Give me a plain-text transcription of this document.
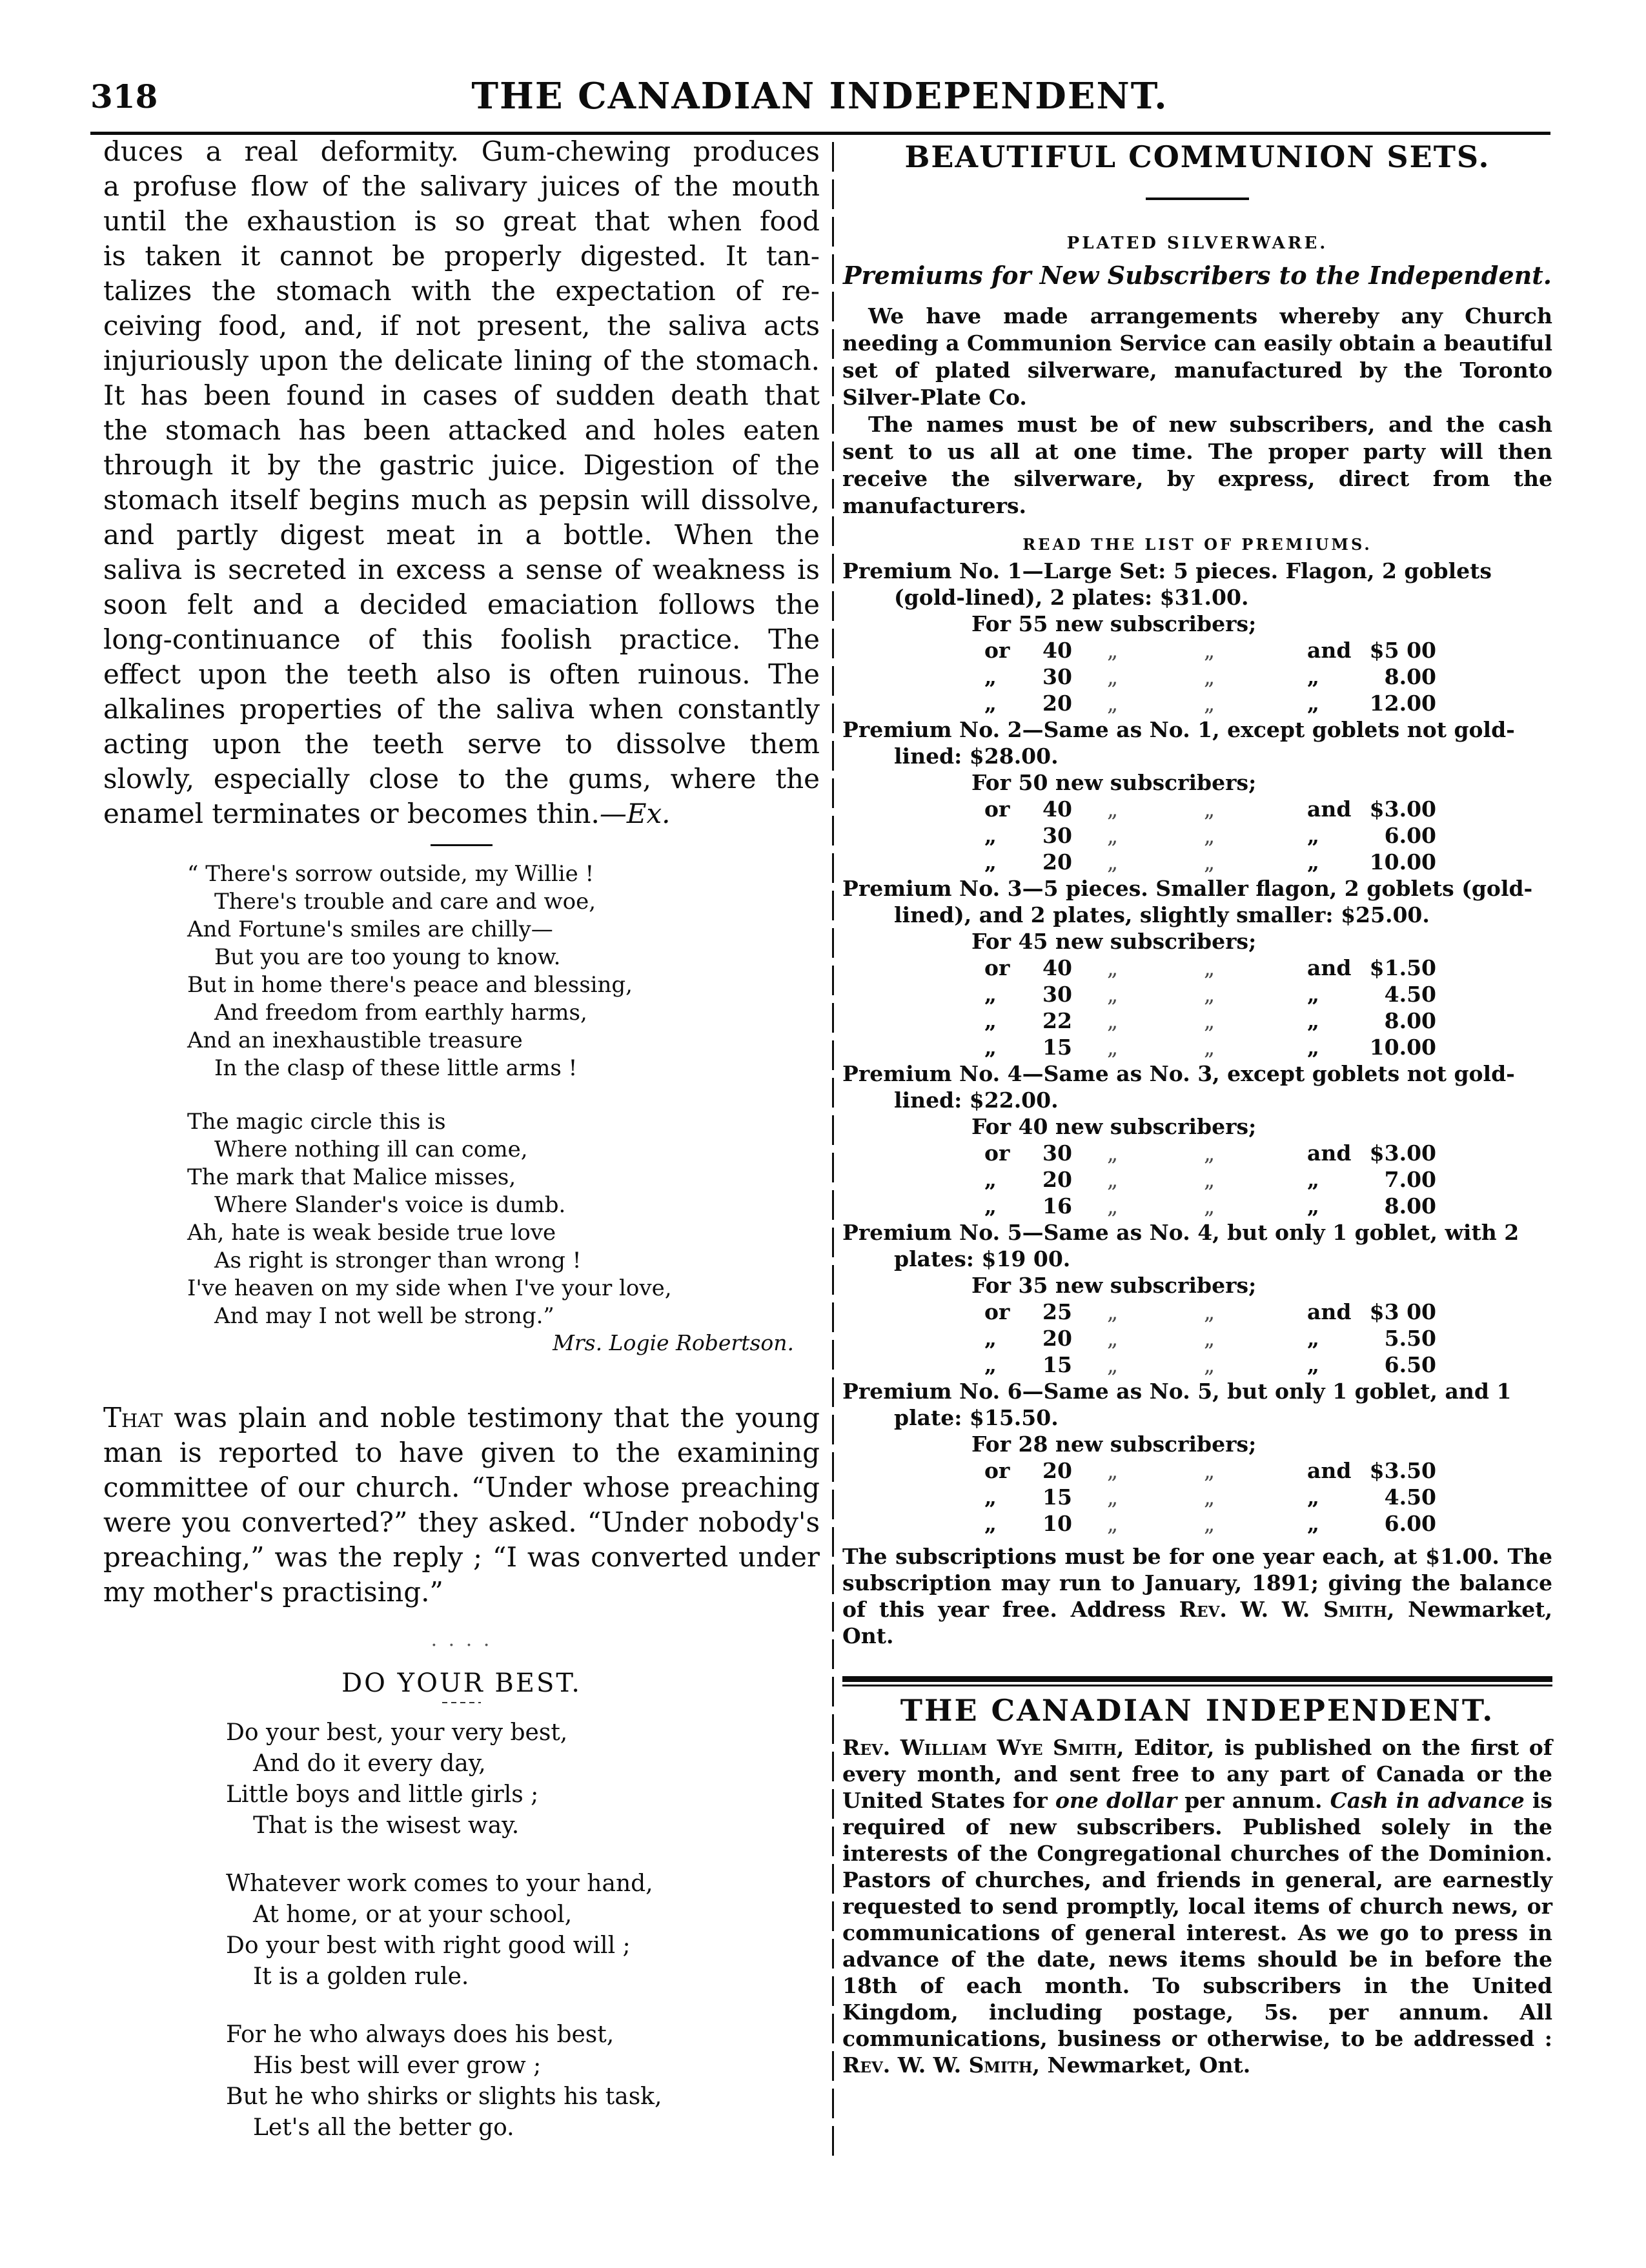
318	THE CANADIAN INDEPENDENT.
duces a real deformity. Gum-chewing produces
a profuse flow of the salivary juices of the mouth
until the exhaustion is so great that when food
is taken it cannot be properly digested. It tan-
talizes the stomach with the expectation of re-
ceiving food, and, if not present, the saliva acts
injuriously upon the delicate lining of the stomach.
It has been found in cases of sudden death that
the stomach has been attacked and holes eaten
through it by the gastric juice. Digestion of the
stomach itself begins much as pepsin will dissolve,
and partly digest meat in a bottle. When the
saliva is secreted in excess a sense of weakness is
soon felt and a decided emaciation follows the
long-continuance of this foolish practice. The
effect upon the teeth also is often ruinous. The
alkalines properties of the saliva when constantly
acting upon the teeth serve to dissolve them
slowly, especially close to the gums, where the
enamel terminates or becomes thin.—Ex.
“ There's sorrow outside, my Willie !
There's trouble and care and woe,
And Fortune's smiles are chilly—
But you are too young to know.
But in home there's peace and blessing,
And freedom from earthly harms,
And an inexhaustible treasure
In the clasp of these little arms !
The magic circle this is
Where nothing ill can come,
The mark that Malice misses,
Where Slander's voice is dumb.
Ah, hate is weak beside true love
As right is stronger than wrong !
I've heaven on my side when I've your love,
And may I not well be strong.”
Mrs. Logie Robertson.
That was plain and noble testimony that the young man is reported to have given to the examining committee of our church. “Under whose preaching were you converted?” they asked. “Under nobody's preaching,” was the reply ; “I was converted under my mother's practising.”
· · · ·
DO YOUR BEST.
Do your best, your very best,
And do it every day,
Little boys and little girls ;
That is the wisest way.
Whatever work comes to your hand,
At home, or at your school,
Do your best with right good will ;
It is a golden rule.
For he who always does his best,
His best will ever grow ;
But he who shirks or slights his task,
Let's all the better go.
BEAUTIFUL COMMUNION SETS.
PLATED SILVERWARE.
Premiums for New Subscribers to the Independent.

We have made arrangements whereby any Church needing a Communion Service can easily obtain a beautiful set of plated silverware, manufactured by the Toronto Silver-Plate Co.

The names must be of new subscribers, and the cash sent to us all at one time. The proper party will then receive the silverware, by express, direct from the manufacturers.

READ THE LIST OF PREMIUMS.
Premium No. 1—Large Set: 5 pieces. Flagon, 2 goblets (gold-lined), 2 plates: $31.00.
For 55 new subscribers;
or	40	„	„	and	$5 00
„	30	„	„	„	8.00
„	20	„	„	„	12.00
Premium No. 2—Same as No. 1, except goblets not gold-lined: $28.00.
For 50 new subscribers;
or	40	„	„	and	$3.00
„	30	„	„	„	6.00
„	20	„	„	„	10.00
Premium No. 3—5 pieces. Smaller flagon, 2 goblets (gold-lined), and 2 plates, slightly smaller: $25.00.
For 45 new subscribers;
or	40	„	„	and	$1.50
„	30	„	„	„	4.50
„	22	„	„	„	8.00
„	15	„	„	„	10.00
Premium No. 4—Same as No. 3, except goblets not gold-lined: $22.00.
For 40 new subscribers;
or	30	„	„	and	$3.00
„	20	„	„	„	7.00
„	16	„	„	„	8.00
Premium No. 5—Same as No. 4, but only 1 goblet, with 2 plates: $19 00.
For 35 new subscribers;
or	25	„	„	and	$3 00
„	20	„	„	„	5.50
„	15	„	„	„	6.50
Premium No. 6—Same as No. 5, but only 1 goblet, and 1 plate: $15.50.
For 28 new subscribers;
or	20	„	„	and	$3.50
„	15	„	„	„	4.50
„	10	„	„	„	6.00
The subscriptions must be for one year each, at $1.00. The subscription may run to January, 1891; giving the balance of this year free. Address Rev. W. W. Smith, Newmarket, Ont.
THE CANADIAN INDEPENDENT.
Rev. William Wye Smith, Editor, is published on the first of every month, and sent free to any part of Canada or the United States for one dollar per annum. Cash in advance is required of new subscribers. Published solely in the interests of the Congregational churches of the Dominion. Pastors of churches, and friends in general, are earnestly requested to send promptly, local items of church news, or communications of general interest. As we go to press in advance of the date, news items should be in before the 18th of each month. To subscribers in the United Kingdom, including postage, 5s. per annum. All communications, business or otherwise, to be addressed : Rev. W. W. Smith, Newmarket, Ont.
